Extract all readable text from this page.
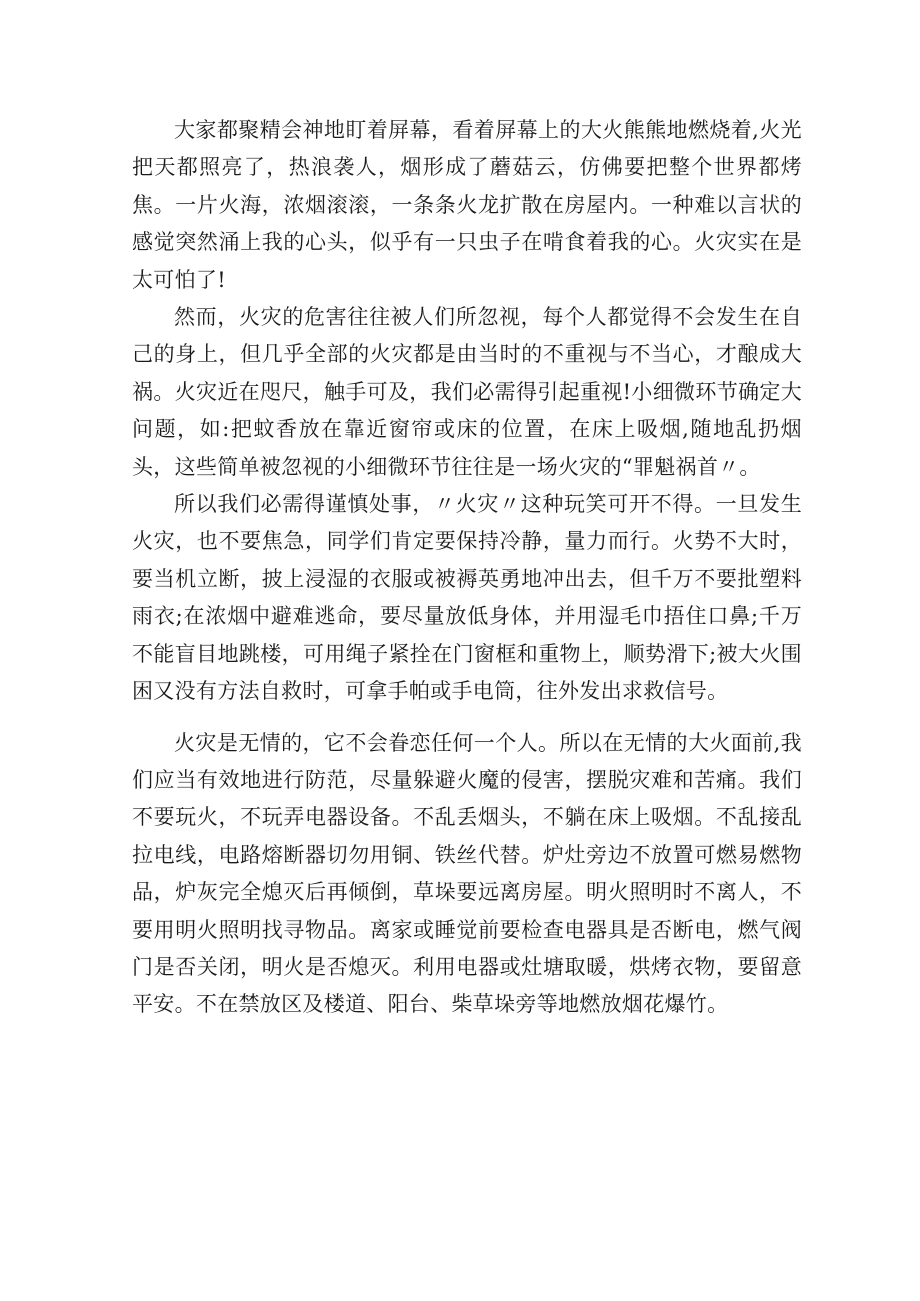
大家都聚精会神地盯着屏幕，看着屏幕上的大火熊熊地燃烧着,火光把天都照亮了，热浪袭人，烟形成了蘑菇云，仿佛要把整个世界都烤焦。一片火海，浓烟滚滚，一条条火龙扩散在房屋内。一种难以言状的感觉突然涌上我的心头，似乎有一只虫子在啃食着我的心。火灾实在是太可怕了!

然而，火灾的危害往往被人们所忽视，每个人都觉得不会发生在自己的身上，但几乎全部的火灾都是由当时的不重视与不当心，才酿成大祸。火灾近在咫尺，触手可及，我们必需得引起重视!小细微环节确定大问题，如:把蚊香放在靠近窗帘或床的位置，在床上吸烟,随地乱扔烟头，这些简单被忽视的小细微环节往往是一场火灾的“罪魁祸首〃。

所以我们必需得谨慎处事，〃火灾〃这种玩笑可开不得。一旦发生火灾，也不要焦急，同学们肯定要保持冷静，量力而行。火势不大时，要当机立断，披上浸湿的衣服或被褥英勇地冲出去，但千万不要批塑料雨衣;在浓烟中避难逃命，要尽量放低身体，并用湿毛巾捂住口鼻;千万不能盲目地跳楼，可用绳子紧拴在门窗框和重物上，顺势滑下;被大火围困又没有方法自救时，可拿手帕或手电筒，往外发出求救信号。

火灾是无情的，它不会眷恋任何一个人。所以在无情的大火面前,我们应当有效地进行防范，尽量躲避火魔的侵害，摆脱灾难和苦痛。我们不要玩火，不玩弄电器设备。不乱丢烟头，不躺在床上吸烟。不乱接乱拉电线，电路熔断器切勿用铜、铁丝代替。炉灶旁边不放置可燃易燃物品，炉灰完全熄灭后再倾倒，草垛要远离房屋。明火照明时不离人，不要用明火照明找寻物品。离家或睡觉前要检查电器具是否断电，燃气阀门是否关闭，明火是否熄灭。利用电器或灶塘取暖，烘烤衣物，要留意平安。不在禁放区及楼道、阳台、柴草垛旁等地燃放烟花爆竹。
